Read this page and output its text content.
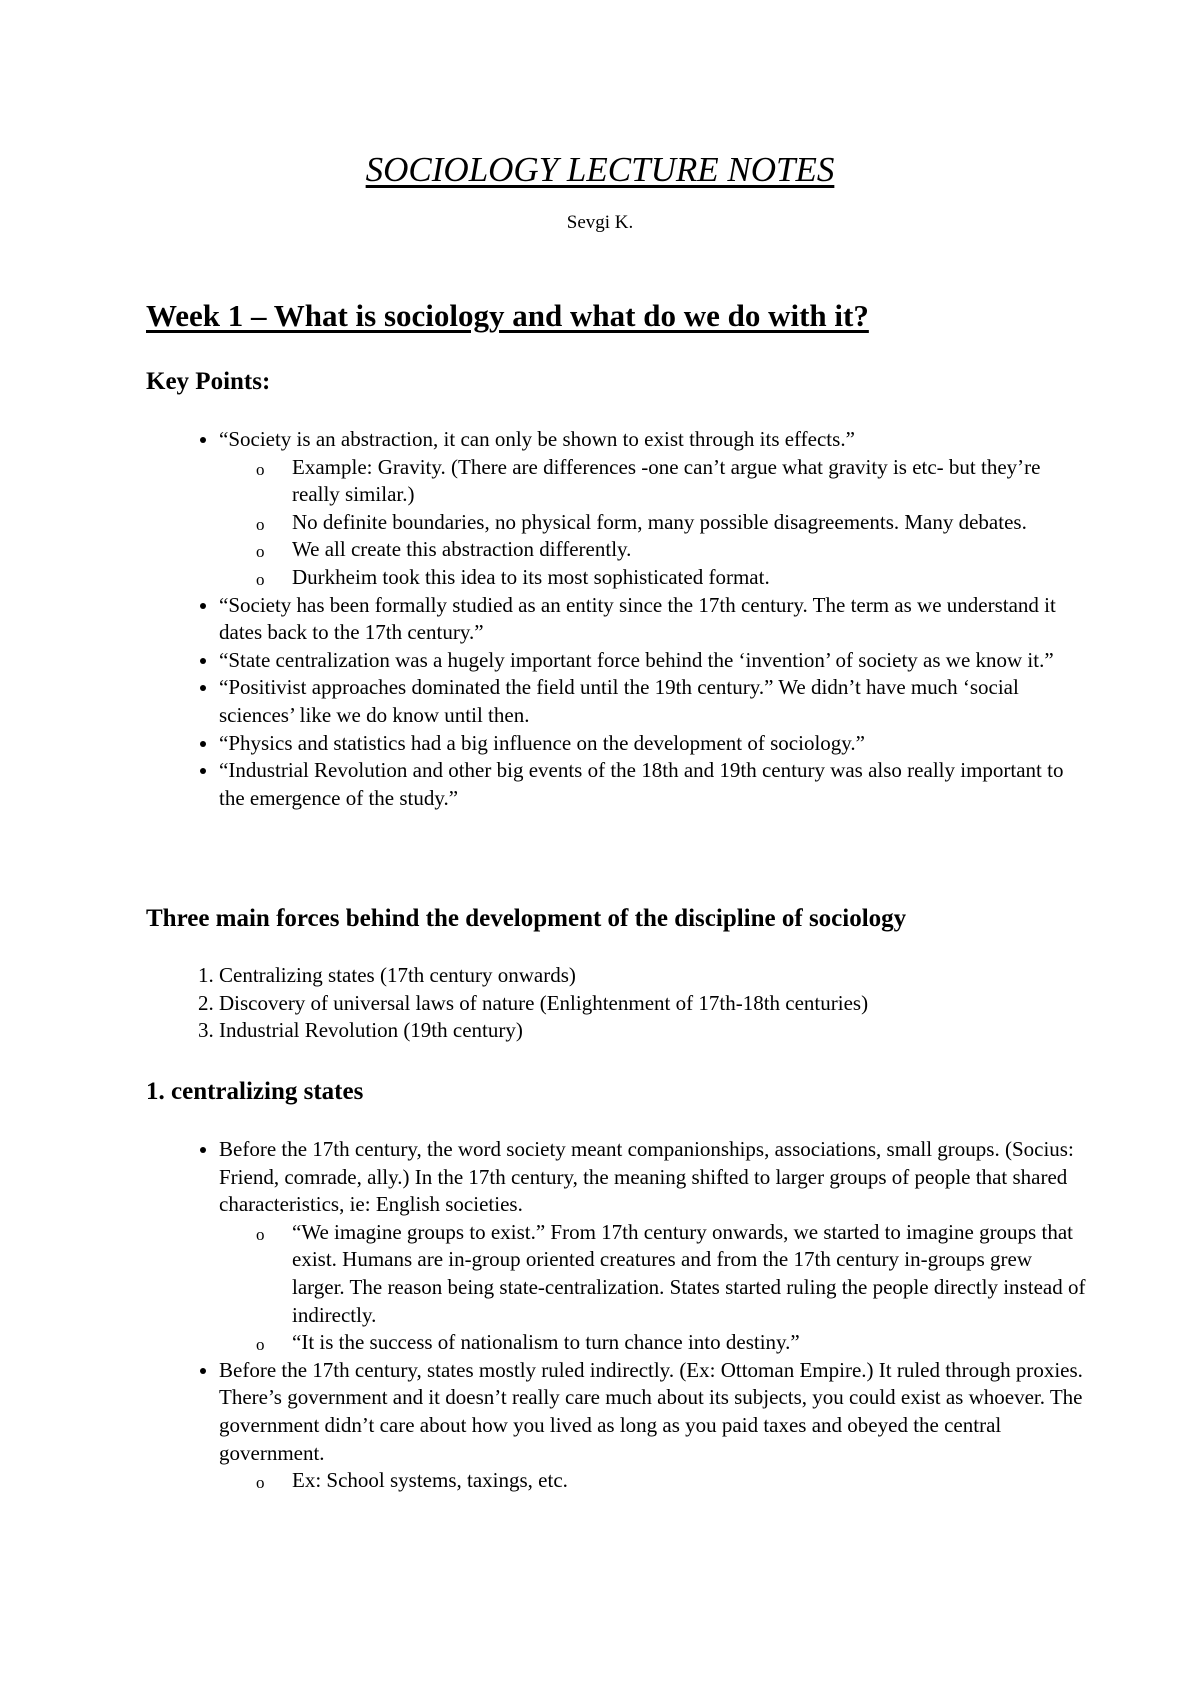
SOCIOLOGY LECTURE NOTES

Sevgi K.

Week 1 – What is sociology and what do we do with it?
Key Points:
• “Society is an abstraction, it can only be shown to exist through its effects.”
o Example: Gravity. (There are differences -one can’t argue what gravity is etc- but they’re really similar.)
o No definite boundaries, no physical form, many possible disagreements. Many debates.
o We all create this abstraction differently.
o Durkheim took this idea to its most sophisticated format.
• “Society has been formally studied as an entity since the 17th century. The term as we understand it dates back to the 17th century.”
• “State centralization was a hugely important force behind the ‘invention’ of society as we know it.”
• “Positivist approaches dominated the field until the 19th century.” We didn’t have much ‘social sciences’ like we do know until then.
• “Physics and statistics had a big influence on the development of sociology.”
• “Industrial Revolution and other big events of the 18th and 19th century was also really important to the emergence of the study.”
Three main forces behind the development of the discipline of sociology
1. Centralizing states (17th century onwards)
2. Discovery of universal laws of nature (Enlightenment of 17th-18th centuries)
3. Industrial Revolution (19th century)
1. centralizing states
• Before the 17th century, the word society meant companionships, associations, small groups. (Socius: Friend, comrade, ally.) In the 17th century, the meaning shifted to larger groups of people that shared characteristics, ie: English societies.
o “We imagine groups to exist.” From 17th century onwards, we started to imagine groups that exist. Humans are in-group oriented creatures and from the 17th century in-groups grew larger. The reason being state-centralization. States started ruling the people directly instead of indirectly.
o “It is the success of nationalism to turn chance into destiny.”
• Before the 17th century, states mostly ruled indirectly. (Ex: Ottoman Empire.) It ruled through proxies. There’s government and it doesn’t really care much about its subjects, you could exist as whoever. The government didn’t care about how you lived as long as you paid taxes and obeyed the central government.
o Ex: School systems, taxings, etc.
